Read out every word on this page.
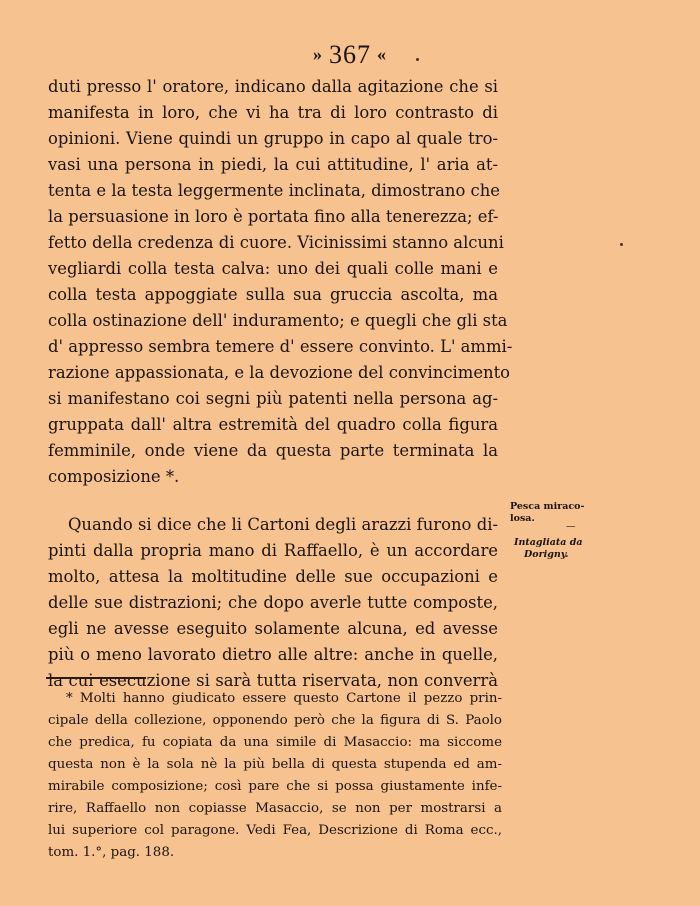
» 367 «
duti presso l' oratore, indicano dalla agitazione che si
manifesta in loro, che vi ha tra di loro contrasto di
opinioni. Viene quindi un gruppo in capo al quale tro-
vasi una persona in piedi, la cui attitudine, l' aria at-
tenta e la testa leggermente inclinata, dimostrano che
la persuasione in loro è portata fino alla tenerezza; ef-
fetto della credenza di cuore. Vicinissimi stanno alcuni
vegliardi colla testa calva: uno dei quali colle mani e
colla testa appoggiate sulla sua gruccia ascolta, ma
colla ostinazione dell' induramento; e quegli che gli sta
d' appresso sembra temere d' essere convinto. L' ammi-
razione appassionata, e la devozione del convincimento
si manifestano coi segni più patenti nella persona ag-
gruppata dall' altra estremità del quadro colla figura
femminile, onde viene da questa parte terminata la
composizione *.
Quando si dice che li Cartoni degli arazzi furono di-
pinti dalla propria mano di Raffaello, è un accordare
molto, attesa la moltitudine delle sue occupazioni e
delle sue distrazioni; che dopo averle tutte composte,
egli ne avesse eseguito solamente alcuna, ed avesse
più o meno lavorato dietro alle altre: anche in quelle,
la cui esecuzione si sarà tutta riservata, non converrà
Pesca miraco-
losa.
—
Intagliata da
Dorigny.
* Molti hanno giudicato essere questo Cartone il pezzo prin-
cipale della collezione, opponendo però che la figura di S. Paolo
che predica, fu copiata da una simile di Masaccio: ma siccome
questa non è la sola nè la più bella di questa stupenda ed am-
mirabile composizione; così pare che si possa giustamente infe-
rire, Raffaello non copiasse Masaccio, se non per mostrarsi a
lui superiore col paragone. Vedi Fea, Descrizione di Roma ecc.,
tom. 1.°, pag. 188.
